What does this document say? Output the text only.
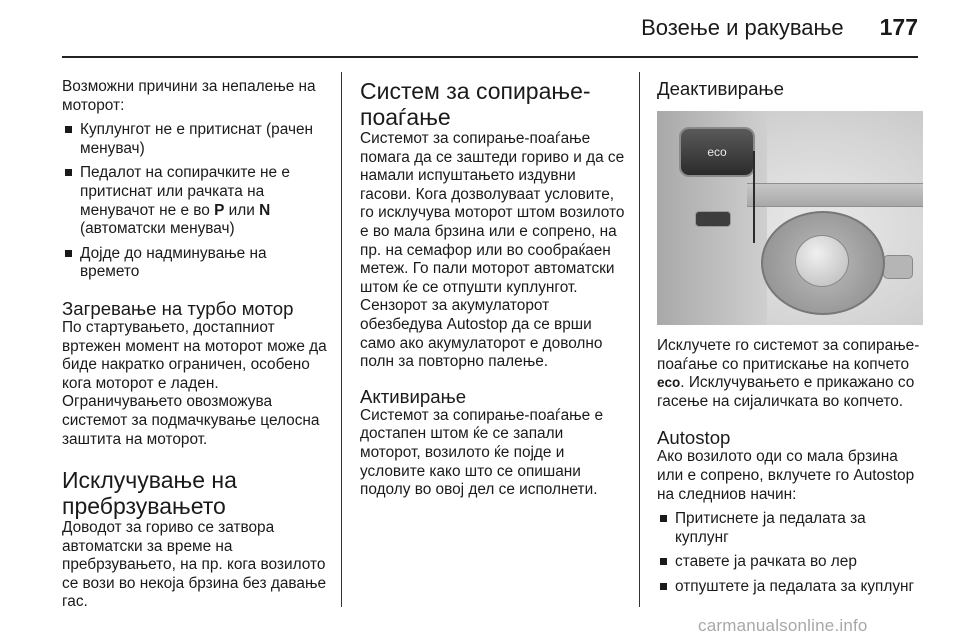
Возење и ракување 177

Возможни причини за непалење на моторот:

Куплунгот не е притиснат (рачен менувач)
Педалот на сопирачките не е притиснат или рачката на менувачот не е во P или N
(автоматски менувач)
Дојде до надминување на времето
Загревање на турбо мотор

По стартувањето, достапниот вртежен момент на моторот може да биде накратко ограничен, особено кога моторот е ладен. Ограничувањето овозможува системот за подмачкување целосна заштита на моторот.

Исклучување на пребрзувањето

Доводот за гориво се затвора автоматски за време на пребрзувањето, на пр. кога возилото се вози во некоја брзина без давање гас.

Систем за сопирање-поаѓање

Системот за сопирање-поаѓање помага да се заштеди гориво и да се намали испуштањето издувни гасови. Кога дозволуваат условите, го исклучува моторот штом возилото е во мала брзина или е сопрено, на пр. на семафор или во сообраќаен метеж. Го пали моторот автоматски штом ќе се отпушти куплунгот. Сензорот за акумулаторот обезбедува Autostop да се врши само ако акумулаторот е доволно полн за повторно палење.

Активирање

Системот за сопирање-поаѓање е достапен штом ќе се запали моторот, возилото ќе појде и условите како што се опишани подолу во овој дел се исполнети.

Деактивирање
eco

Исклучете го системот за сопирање-поаѓање со притискање на копчето eco. Исклучувањето е прикажано со гасење на сијаличката во копчето.

Autostop

Ако возилото оди со мала брзина или е сопрено, вклучете го Autostop на следниов начин:

Притиснете ја педалата за куплунг
ставете ја рачката во лер
отпуштете ја педалата за куплунг
carmanualsonline.info
